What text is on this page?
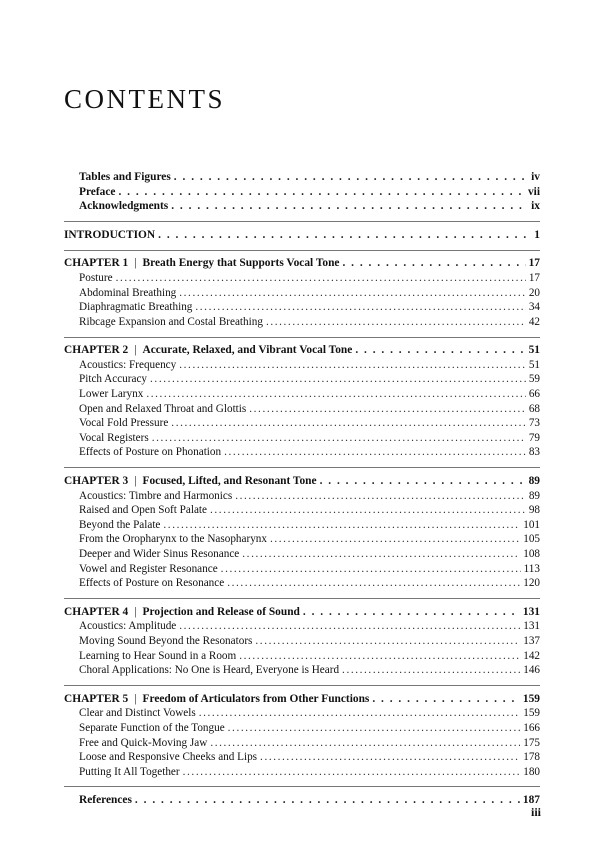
CONTENTS
Tables and Figures . . .	iv
Preface . . .	vii
Acknowledgments . . .	ix
INTRODUCTION . . .	1
CHAPTER 1 | Breath Energy that Supports Vocal Tone . . .	17
Posture .....	17
Abdominal Breathing .....	20
Diaphragmatic Breathing .....	34
Ribcage Expansion and Costal Breathing .....	42
CHAPTER 2 | Accurate, Relaxed, and Vibrant Vocal Tone . . .	51
Acoustics: Frequency .....	51
Pitch Accuracy .....	59
Lower Larynx .....	66
Open and Relaxed Throat and Glottis .....	68
Vocal Fold Pressure .....	73
Vocal Registers .....	79
Effects of Posture on Phonation .....	83
CHAPTER 3 | Focused, Lifted, and Resonant Tone . . .	89
Acoustics: Timbre and Harmonics .....	89
Raised and Open Soft Palate .....	98
Beyond the Palate .....	101
From the Oropharynx to the Nasopharynx .....	105
Deeper and Wider Sinus Resonance .....	108
Vowel and Register Resonance .....	113
Effects of Posture on Resonance .....	120
CHAPTER 4 | Projection and Release of Sound . . .	131
Acoustics: Amplitude .....	131
Moving Sound Beyond the Resonators .....	137
Learning to Hear Sound in a Room .....	142
Choral Applications: No One is Heard, Everyone is Heard .....	146
CHAPTER 5 | Freedom of Articulators from Other Functions . . .	159
Clear and Distinct Vowels .....	159
Separate Function of the Tongue .....	166
Free and Quick-Moving Jaw .....	175
Loose and Responsive Cheeks and Lips .....	178
Putting It All Together .....	180
References . . .	187
iii
